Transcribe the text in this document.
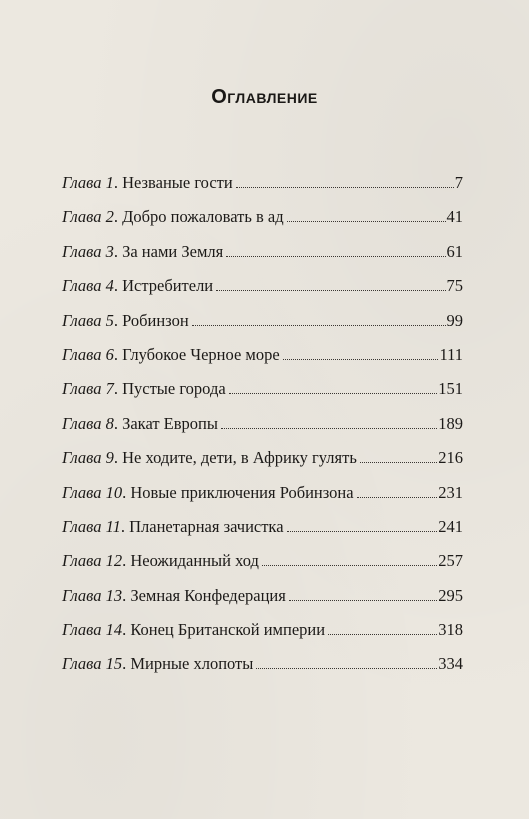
Оглавление
Глава 1. Незваные гости	7
Глава 2. Добро пожаловать в ад	41
Глава 3. За нами Земля	61
Глава 4. Истребители	75
Глава 5. Робинзон	99
Глава 6. Глубокое Черное море	111
Глава 7. Пустые города	151
Глава 8. Закат Европы	189
Глава 9. Не ходите, дети, в Африку гулять	216
Глава 10. Новые приключения Робинзона	231
Глава 11. Планетарная зачистка	241
Глава 12. Неожиданный ход	257
Глава 13. Земная Конфедерация	295
Глава 14. Конец Британской империи	318
Глава 15. Мирные хлопоты	334
